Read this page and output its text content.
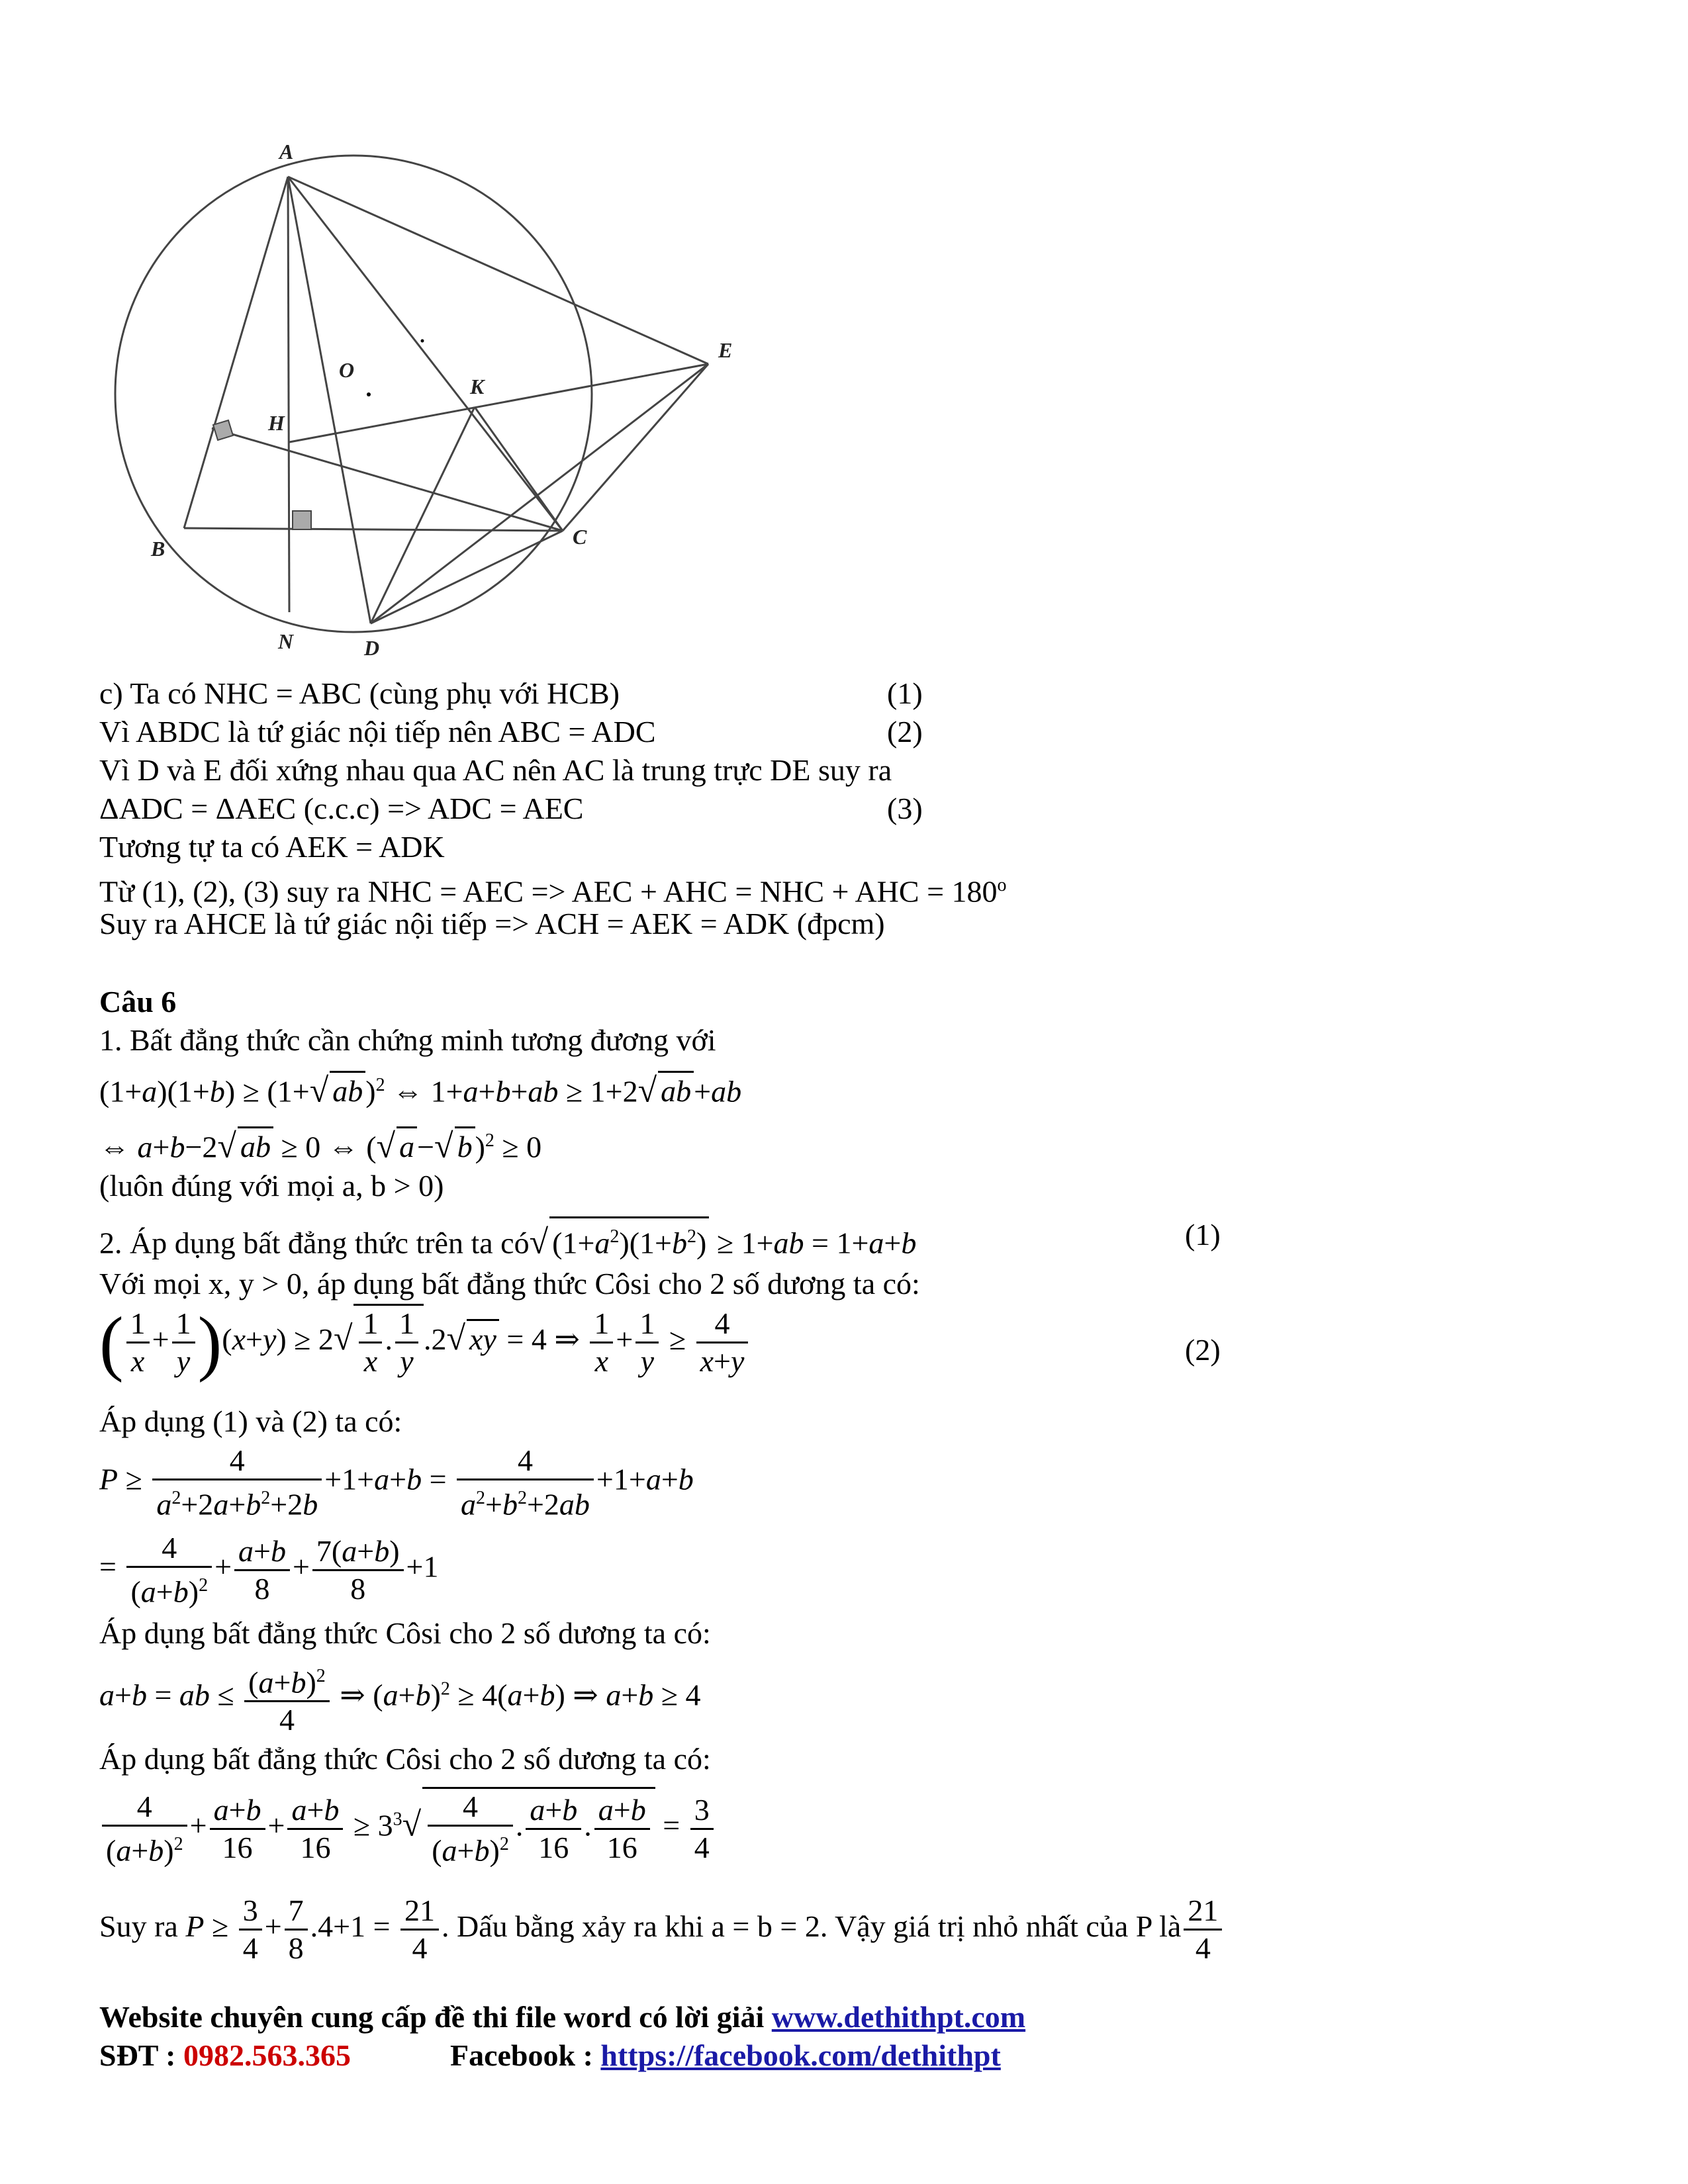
A
B	C
D
E
H
K
N
O
c) Ta có NHC = ABC (cùng phụ với HCB)	(1)
Vì ABDC là tứ giác nội tiếp nên ABC = ADC	(2)
Vì D và E đối xứng nhau qua AC nên AC là trung trực DE suy ra
ΔADC = ΔAEC (c.c.c) => ADC = AEC	(3)
Tương tự ta có AEK = ADK
Từ (1), (2), (3) suy ra NHC = AEC => AEC + AHC = NHC + AHC = $180^o$
Suy ra AHCE là tứ giác nội tiếp => ACH = AEK = ADK (đpcm)
Câu 6
1. Bất đẳng thức cần chứng minh tương đương với
(1+a)(1+b) ≥ (1+√ ab)$^2$ ⇔ 1+a+b+ab ≥ 1+2√ ab+ab
⇔ a+b−2√ ab ≥ 0 ⇔ (√ a−√ b)$^2$ ≥ 0
(luôn đúng với mọi a, b > 0)
2. Áp dụng bất đẳng thức trên ta có√ $(1+a^2)(1+b^2) \ge 1+ab = 1+a+b$	(1)
Với mọi x, y > 0, áp dụng bất đẳng thức Côsi cho 2 số dương ta có:
( $\frac{1}{x} + \frac{1}{y} )(x+y) \ge 2√ \frac{1}{x}$ . $\frac{1}{y} .2√$ xy = 4 ⇒ $\frac{1}{x} + \frac{1}{y} \ge \frac{4}{x+y}$	(2)
Áp dụng (1) và (2) ta có:
$P \ge \frac{4}{a^2+2a+b^2+2b} +1+a+b = \frac{4}{a^2+b^2+2ab} +1+a+b$
= $\frac{4}{(a+b)^2} + \frac{a+b}{8} + \frac{7(a+b)}{8} +1$
Áp dụng bất đẳng thức Côsi cho 2 số dương ta có:
a+b = ab ≤ $\frac{(a+b)^2}{4}$ ⇒ $(a+b)^2 \ge 4(a+b)$ ⇒ a+b ≥ 4
Áp dụng bất đẳng thức Côsi cho 2 số dương ta có:
$\frac{4}{(a+b)^2} + \frac{a+b}{16} + \frac{a+b}{16} \ge 3^3√ \frac{4}{(a+b)^2}$ . $\frac{a+b}{16}$ . $\frac{a+b}{16} = \frac{3}{4}$
Suy ra $P \ge \frac{3}{4} + \frac{7}{8} .4+1 = \frac{21}{4}$ . Dấu bằng xảy ra khi a = b = 2. Vậy giá trị nhỏ nhất của P là $\frac{21}{4}$
Website chuyên cung cấp đề thi file word có lời giải www.dethithpt.com
SĐT : 0982.563.365	Facebook : https://facebook.com/dethithpt
